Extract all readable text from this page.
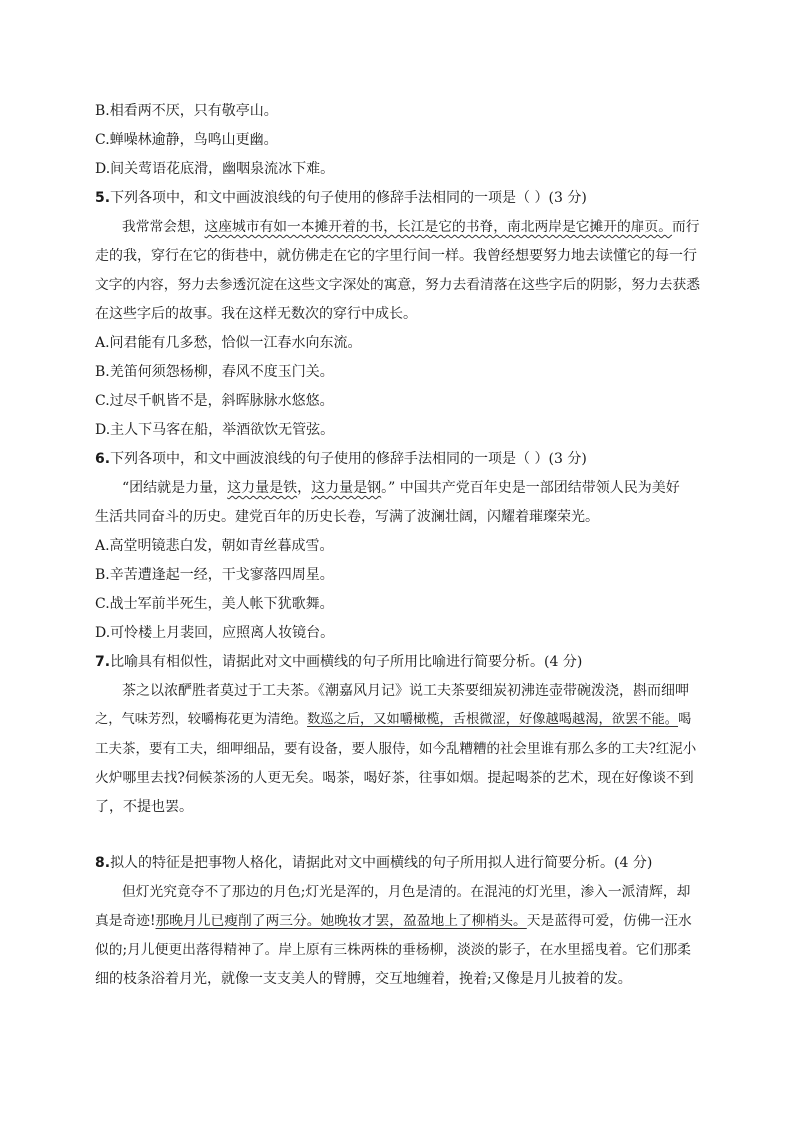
B.相看两不厌，只有敬亭山。
C.蝉噪林逾静，鸟鸣山更幽。
D.间关莺语花底滑，幽咽泉流冰下难。
5.下列各项中，和文中画波浪线的句子使用的修辞手法相同的一项是（ ）(3 分)
我常常会想，这座城市有如一本摊开着的书，长江是它的书脊，南北两岸是它摊开的扉页。而行
走的我，穿行在它的街巷中，就仿佛走在它的字里行间一样。我曾经想要努力地去读懂它的每一行
文字的内容，努力去参透沉淀在这些文字深处的寓意，努力去看清落在这些字后的阴影，努力去获悉
在这些字后的故事。我在这样无数次的穿行中成长。
A.问君能有几多愁，恰似一江春水向东流。
B.羌笛何须怨杨柳，春风不度玉门关。
C.过尽千帆皆不是，斜晖脉脉水悠悠。
D.主人下马客在船，举酒欲饮无管弦。
6.下列各项中，和文中画波浪线的句子使用的修辞手法相同的一项是（ ）(3 分)
“团结就是力量，这力量是铁，这力量是钢。” 中国共产党百年史是一部团结带领人民为美好
生活共同奋斗的历史。建党百年的历史长卷，写满了波澜壮阔，闪耀着璀璨荣光。
A.高堂明镜悲白发，朝如青丝暮成雪。
B.辛苦遭逢起一经，干戈寥落四周星。
C.战士军前半死生，美人帐下犹歌舞。
D.可怜楼上月裴回，应照离人妆镜台。
7.比喻具有相似性，请据此对文中画横线的句子所用比喻进行简要分析。(4 分)
茶之以浓酽胜者莫过于工夫茶。《潮嘉风月记》说工夫茶要细炭初沸连壶带碗泼浇，斟而细呷
之，气味芳烈，较嚼梅花更为清绝。数巡之后，又如嚼橄榄，舌根微涩，好像越喝越渴，欲罢不能。喝
工夫茶，要有工夫，细呷细品，要有设备，要人服侍，如今乱糟糟的社会里谁有那么多的工夫?红泥小
火炉哪里去找?伺候茶汤的人更无矣。喝茶，喝好茶，往事如烟。提起喝茶的艺术，现在好像谈不到
了，不提也罢。
8.拟人的特征是把事物人格化，请据此对文中画横线的句子所用拟人进行简要分析。(4 分)
但灯光究竟夺不了那边的月色;灯光是浑的，月色是清的。在混沌的灯光里，渗入一派清辉，却
真是奇迹!那晚月儿已瘦削了两三分。她晚妆才罢，盈盈地上了柳梢头。天是蓝得可爱，仿佛一汪水
似的;月儿便更出落得精神了。岸上原有三株两株的垂杨柳，淡淡的影子，在水里摇曳着。它们那柔
细的枝条浴着月光，就像一支支美人的臂膊，交互地缠着，挽着;又像是月儿披着的发。
